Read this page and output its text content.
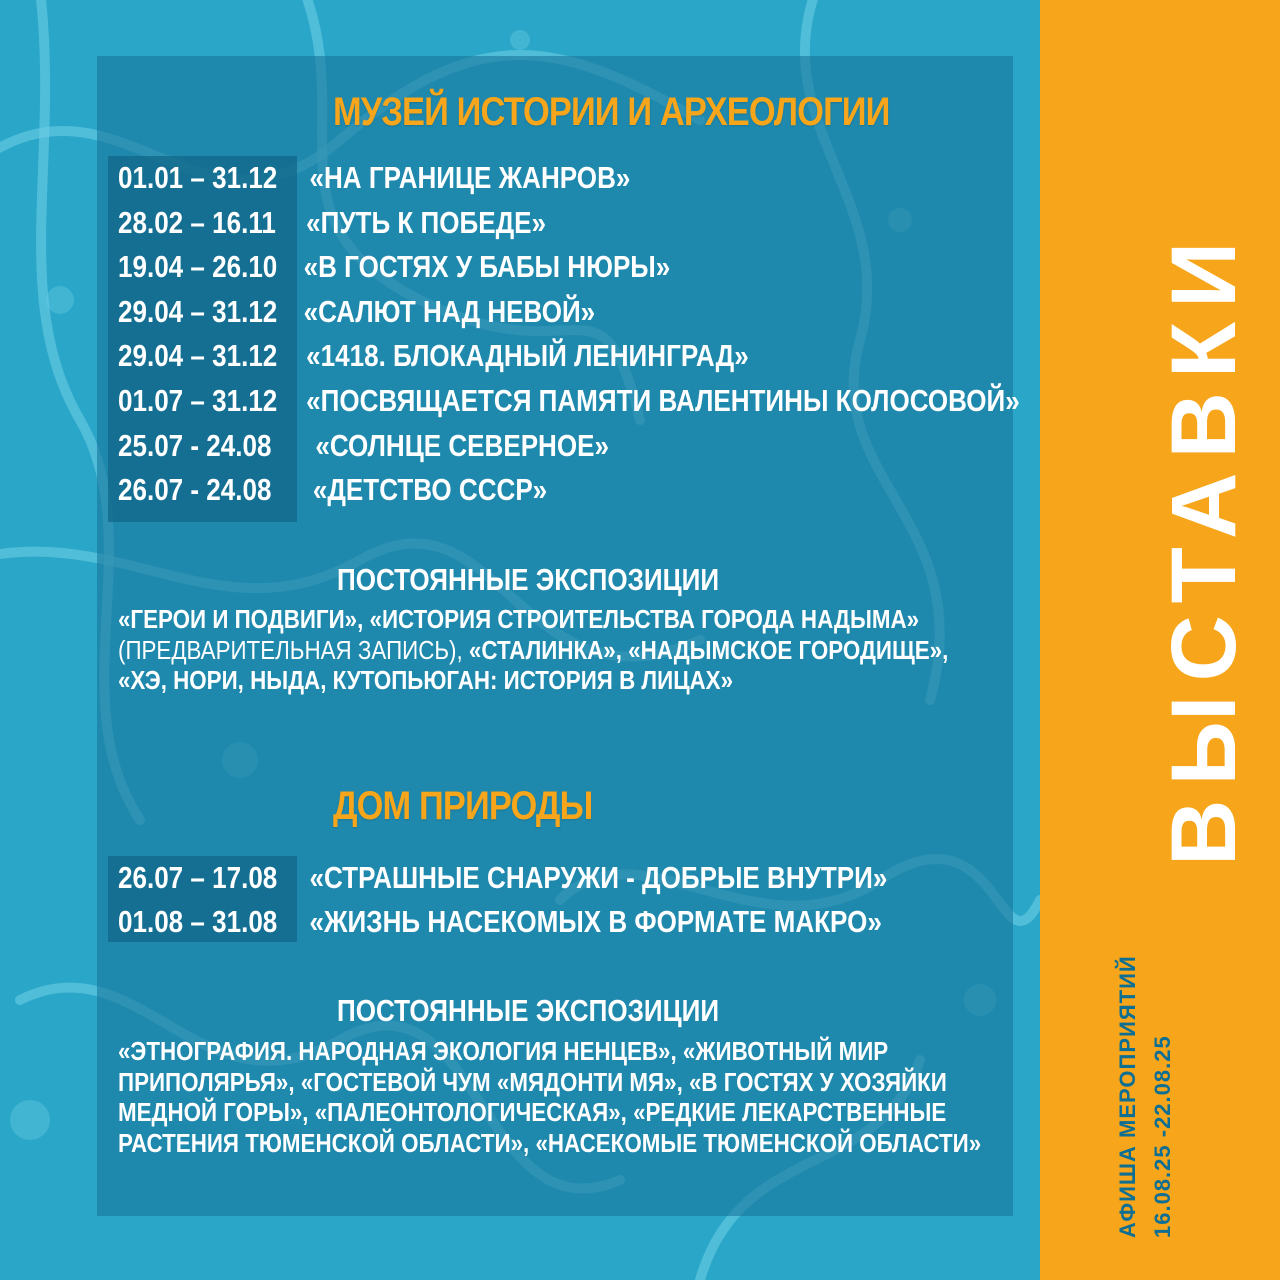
МУЗЕЙ ИСТОРИИ И АРХЕОЛОГИИ
01.01 – 31.12 «НА ГРАНИЦЕ ЖАНРОВ»
28.02 – 16.11 «ПУТЬ К ПОБЕДЕ»
19.04 – 26.10 «В ГОСТЯХ У БАБЫ НЮРЫ»
29.04 – 31.12 «САЛЮТ НАД НЕВОЙ»
29.04 – 31.12 «1418. БЛОКАДНЫЙ ЛЕНИНГРАД»
01.07 – 31.12 «ПОСВЯЩАЕТСЯ ПАМЯТИ ВАЛЕНТИНЫ КОЛОСОВОЙ»
25.07 - 24.08 «СОЛНЦЕ СЕВЕРНОЕ»
26.07 - 24.08 «ДЕТСТВО СССР»
ПОСТОЯННЫЕ ЭКСПОЗИЦИИ
«ГЕРОИ И ПОДВИГИ», «ИСТОРИЯ СТРОИТЕЛЬСТВА ГОРОДА НАДЫМА»
(ПРЕДВАРИТЕЛЬНАЯ ЗАПИСЬ), «СТАЛИНКА», «НАДЫМСКОЕ ГОРОДИЩЕ»,
«ХЭ, НОРИ, НЫДА, КУТОПЬЮГАН: ИСТОРИЯ В ЛИЦАХ»
ДОМ ПРИРОДЫ
26.07 – 17.08 «СТРАШНЫЕ СНАРУЖИ - ДОБРЫЕ ВНУТРИ»
01.08 – 31.08 «ЖИЗНЬ НАСЕКОМЫХ В ФОРМАТЕ МАКРО»
ПОСТОЯННЫЕ ЭКСПОЗИЦИИ
«ЭТНОГРАФИЯ. НАРОДНАЯ ЭКОЛОГИЯ НЕНЦЕВ», «ЖИВОТНЫЙ МИР
ПРИПОЛЯРЬЯ», «ГОСТЕВОЙ ЧУМ «МЯДОНТИ МЯ», «В ГОСТЯХ У ХОЗЯЙКИ
МЕДНОЙ ГОРЫ», «ПАЛЕОНТОЛОГИЧЕСКАЯ», «РЕДКИЕ ЛЕКАРСТВЕННЫЕ
РАСТЕНИЯ ТЮМЕНСКОЙ ОБЛАСТИ», «НАСЕКОМЫЕ ТЮМЕНСКОЙ ОБЛАСТИ»
ВЫСТАВКИ
АФИША МЕРОПРИЯТИЙ 16.08.25 -22.08.25
